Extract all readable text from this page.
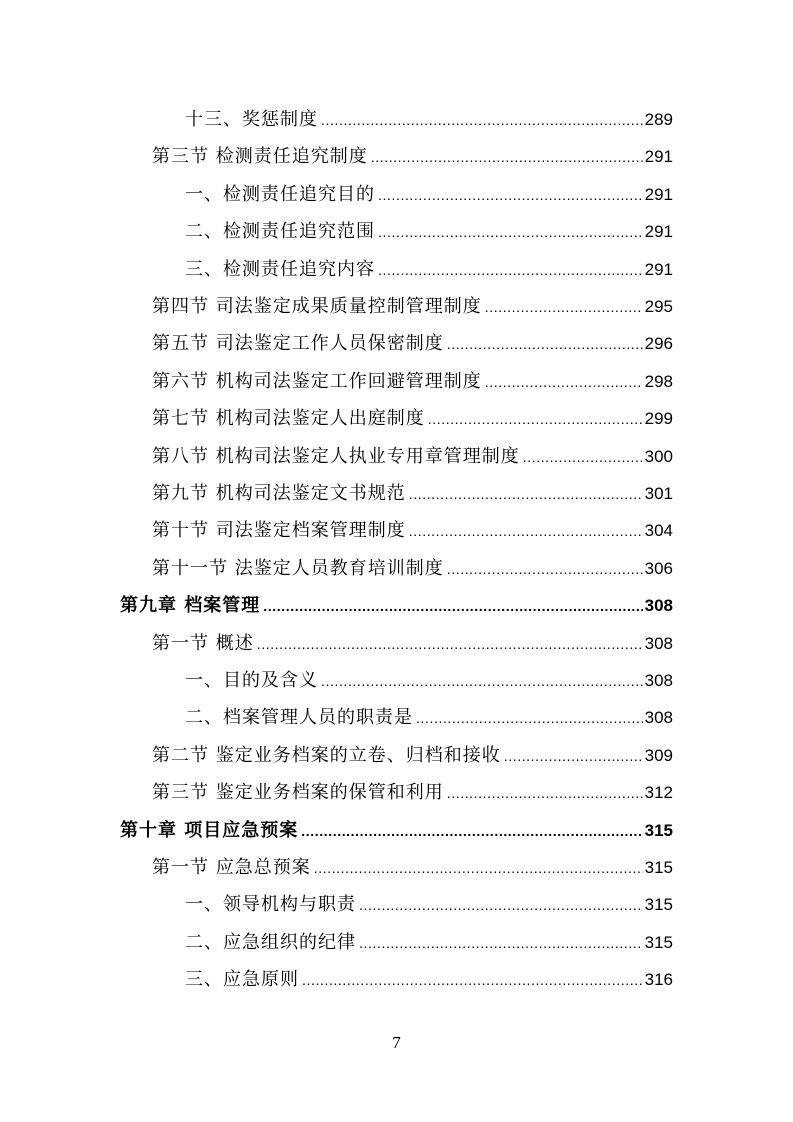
十三、奖惩制度 .....	289
第三节 检测责任追究制度 .....	291
一、检测责任追究目的 .....	291
二、检测责任追究范围 .....	291
三、检测责任追究内容 .....	291
第四节 司法鉴定成果质量控制管理制度 .....	295
第五节 司法鉴定工作人员保密制度 .....	296
第六节 机构司法鉴定工作回避管理制度 .....	298
第七节 机构司法鉴定人出庭制度 .....	299
第八节 机构司法鉴定人执业专用章管理制度 .....	300
第九节 机构司法鉴定文书规范 .....	301
第十节 司法鉴定档案管理制度 .....	304
第十一节 法鉴定人员教育培训制度 .....	306
第九章 档案管理 .....	308
第一节 概述 .....	308
一、目的及含义 .....	308
二、档案管理人员的职责是 .....	308
第二节 鉴定业务档案的立卷、归档和接收 .....	309
第三节 鉴定业务档案的保管和利用 .....	312
第十章 项目应急预案 .....	315
第一节 应急总预案 .....	315
一、领导机构与职责 .....	315
二、应急组织的纪律 .....	315
三、应急原则 .....	316
7
